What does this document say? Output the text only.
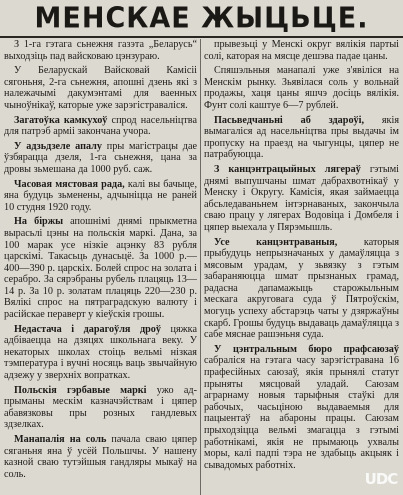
МЕНСКАЕ ЖЫЦЬЦЕ.

З 1-га гэтага сьнежня газэта „Беларусь“ выходзіць пад вайсковаю цэнзураю.

У Беларускай Вайсковай Камісіі сягоньня, 2-га сьнежня, апошні дзень які з належачымі дакумэнтамі для ваенных чыноўнікаў, каторые уже зарэгістраваліся.

Загатоўка камкухоў спрод насельніцтва для патрэб арміі закончана учора.

У адзьдзеле апалу пры магістрацы дае ўзбярацца дзеля, 1-га сьнежня, цана за дровы зьмешана да 1000 руб. саж.

Часовая мястовая рада, калі вы бачыце, яна будуць зьменены, адчыніцца не раней 10 студня 1920 году.

На біржы апошнімі днямі прыкметна вырасьлі цэны на польскія маркі. Дана, за 100 марак усе нізкіе ацэнку 83 рубля царскімі. Такасьць дунасьцё. За 1000 р.—400—390 р. царскіх. Болей спрос на золата і серабро. За сярэбраны рубель плацяць 13—14 р. За 10 р. золатам плацяць 220—230 р. Вялікі спрос на пятраградскую валюту і расійскае пераверт у кіеўскія грошы.

Недастача і дарагоўля дроў цяжка адбіваецца на дзяцях школьнага веку. У некаторых школах стоіць вельмі нізкая тэмпература і вучні носяць ваць звычайную адзежу у зверхніх вопратках.

Польскія гэрбавые маркі ужо адпрыманы мескім казначэйствам і цяпер абавязковы пры розных гандлевых здзелках.

Манапалія на соль пачала сваю цяпер сяганьня яна ў усёй Польшчы. У нашену казной сваю тутэйшыя гандляры мыкаў на соль.

прывезьці у Менскі округ вялікія партыі солі, каторая на мясце дешэва падае цаны.

Спяшэльныя манапалі уже з'явіліся на Менскім рынку. Зьявілася соль у вольнай продажы, хаця цаны яшчэ досіць вялікія. Фунт солі каштуе 6—7 рублей.

Пасьведчаньні аб здароўі, якія вымагаліся ад насельніцтва пры выдачы ім пропуску на праезд на чыгунцы, цяпер не патрабуюцца.

З канцэнтрацыйных лягераў гэтымі днямі выпушчаны шмат дабрахвотнікаў у Менску і Округу. Камісія, якая займаецца абсьледаваньнем інтэрнаваных, закончыла сваю працу у лягерах Водовіца і Домбеля і цяпер выехала у Пярэмышль.

Усе канцэнтраваныя, каторыя прыбудуць непрызначаных у дамаўляцца з мясовым урадам, у зьвязку з гэтым забараняюцца шмат прызнаных грамад, радасна дапамажыць старожыльным мескага акруговага суда ў Пятроўскім, могуць успеху абстарэць чаты у дзяржаўны скарб. Грошы будуць выдаваць дамаўляцца з сабе мяснае рашэньня суда.

У цэнтральным бюро прафсаюзаў сабраліся на гэтага часу зарэгістравана 16 прафесійных саюзаў, якія прынялі статут прыняты мясцовай уладай. Саюзам аграрнаму новыя тарыфныя стаўкі для рабочых, часьціною выдаваемыя для пацыентаў на абароны працы. Саюзам прыходзіцца вельмі змагацца з гэтымі работнікамі, якія не прымаюць ухвалы моры, калі падпі тэра не здабыць акцыяк і сывадомых работніх.

UDC
